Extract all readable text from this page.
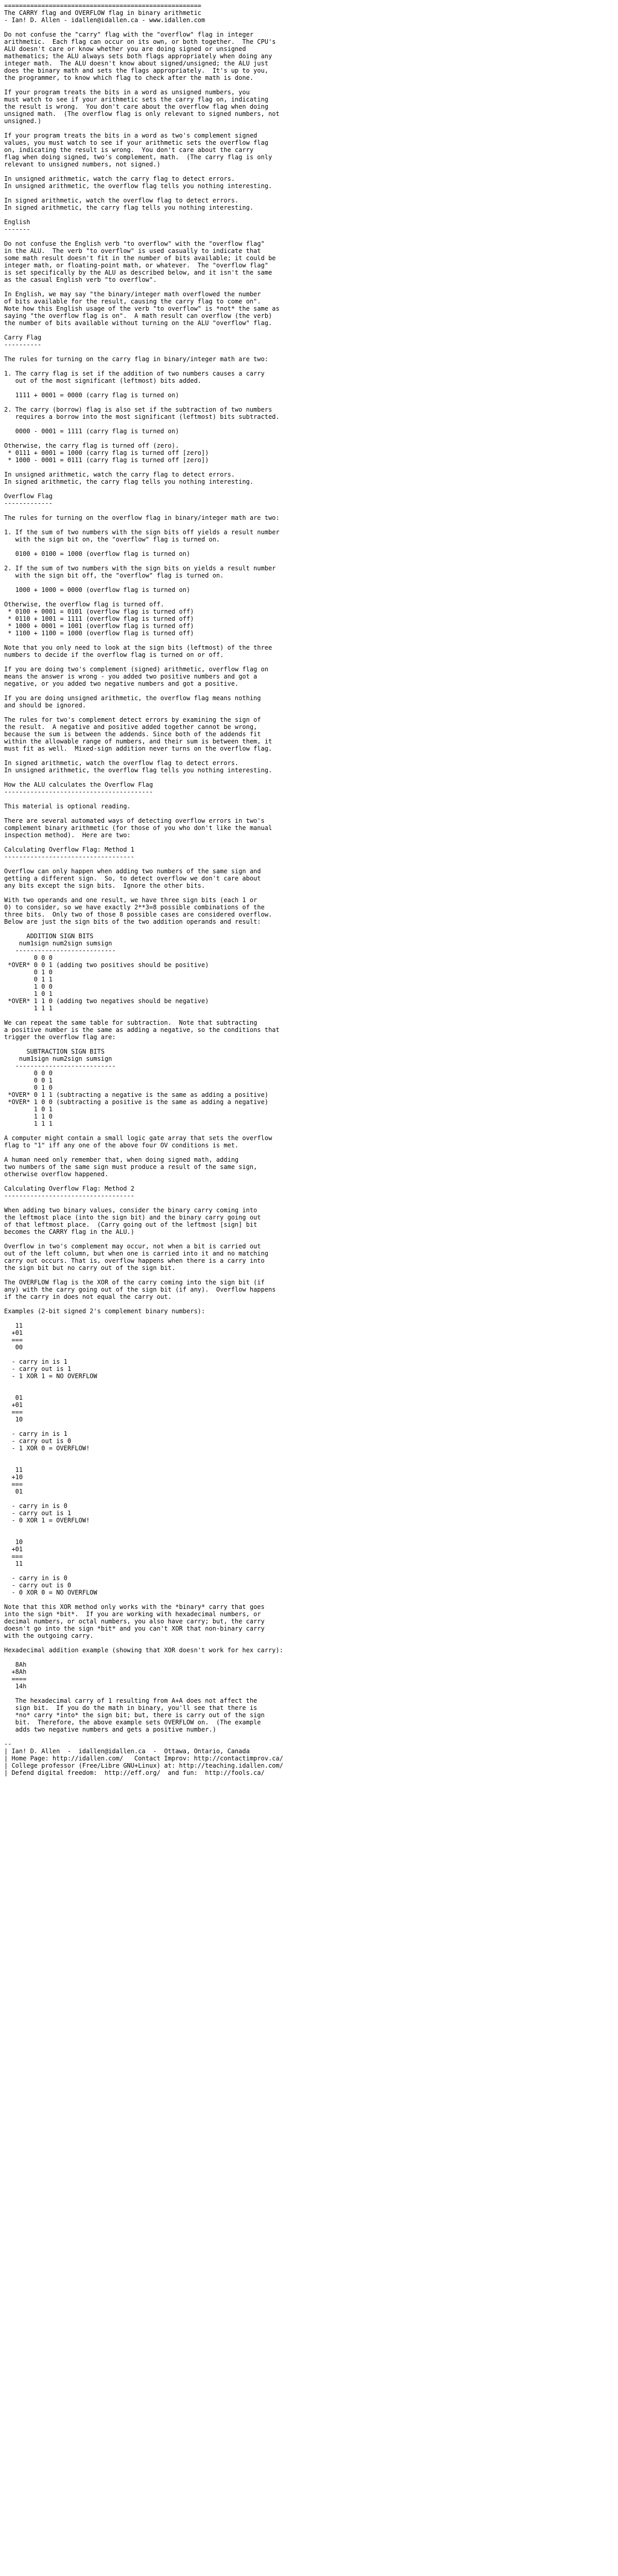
=====================================================
The CARRY flag and OVERFLOW flag in binary arithmetic
- Ian! D. Allen - idallen@idallen.ca - www.idallen.com

Do not confuse the "carry" flag with the "overflow" flag in integer
arithmetic.  Each flag can occur on its own, or both together.  The CPU's
ALU doesn't care or know whether you are doing signed or unsigned
mathematics; the ALU always sets both flags appropriately when doing any
integer math.  The ALU doesn't know about signed/unsigned; the ALU just
does the binary math and sets the flags appropriately.  It's up to you,
the programmer, to know which flag to check after the math is done.

If your program treats the bits in a word as unsigned numbers, you
must watch to see if your arithmetic sets the carry flag on, indicating
the result is wrong.  You don't care about the overflow flag when doing
unsigned math.  (The overflow flag is only relevant to signed numbers, not
unsigned.)

If your program treats the bits in a word as two's complement signed
values, you must watch to see if your arithmetic sets the overflow flag
on, indicating the result is wrong.  You don't care about the carry
flag when doing signed, two's complement, math.  (The carry flag is only
relevant to unsigned numbers, not signed.)

In unsigned arithmetic, watch the carry flag to detect errors.
In unsigned arithmetic, the overflow flag tells you nothing interesting.

In signed arithmetic, watch the overflow flag to detect errors.
In signed arithmetic, the carry flag tells you nothing interesting.

English
-------

Do not confuse the English verb "to overflow" with the "overflow flag"
in the ALU.  The verb "to overflow" is used casually to indicate that
some math result doesn't fit in the number of bits available; it could be
integer math, or floating-point math, or whatever.  The "overflow flag"
is set specifically by the ALU as described below, and it isn't the same
as the casual English verb "to overflow".

In English, we may say "the binary/integer math overflowed the number
of bits available for the result, causing the carry flag to come on".
Note how this English usage of the verb "to overflow" is *not* the same as
saying "the overflow flag is on".  A math result can overflow (the verb)
the number of bits available without turning on the ALU "overflow" flag.

Carry Flag
----------

The rules for turning on the carry flag in binary/integer math are two:

1. The carry flag is set if the addition of two numbers causes a carry
out of the most significant (leftmost) bits added.

1111 + 0001 = 0000 (carry flag is turned on)

2. The carry (borrow) flag is also set if the subtraction of two numbers
requires a borrow into the most significant (leftmost) bits subtracted.

0000 - 0001 = 1111 (carry flag is turned on)

Otherwise, the carry flag is turned off (zero).
* 0111 + 0001 = 1000 (carry flag is turned off [zero])
* 1000 - 0001 = 0111 (carry flag is turned off [zero])

In unsigned arithmetic, watch the carry flag to detect errors.
In signed arithmetic, the carry flag tells you nothing interesting.

Overflow Flag
-------------

The rules for turning on the overflow flag in binary/integer math are two:

1. If the sum of two numbers with the sign bits off yields a result number
with the sign bit on, the "overflow" flag is turned on.

0100 + 0100 = 1000 (overflow flag is turned on)

2. If the sum of two numbers with the sign bits on yields a result number
with the sign bit off, the "overflow" flag is turned on.

1000 + 1000 = 0000 (overflow flag is turned on)

Otherwise, the overflow flag is turned off.
* 0100 + 0001 = 0101 (overflow flag is turned off)
* 0110 + 1001 = 1111 (overflow flag is turned off)
* 1000 + 0001 = 1001 (overflow flag is turned off)
* 1100 + 1100 = 1000 (overflow flag is turned off)

Note that you only need to look at the sign bits (leftmost) of the three
numbers to decide if the overflow flag is turned on or off.

If you are doing two's complement (signed) arithmetic, overflow flag on
means the answer is wrong - you added two positive numbers and got a
negative, or you added two negative numbers and got a positive.

If you are doing unsigned arithmetic, the overflow flag means nothing
and should be ignored.

The rules for two's complement detect errors by examining the sign of
the result.  A negative and positive added together cannot be wrong,
because the sum is between the addends. Since both of the addends fit
within the allowable range of numbers, and their sum is between them, it
must fit as well.  Mixed-sign addition never turns on the overflow flag.

In signed arithmetic, watch the overflow flag to detect errors.
In unsigned arithmetic, the overflow flag tells you nothing interesting.

How the ALU calculates the Overflow Flag
----------------------------------------

This material is optional reading.

There are several automated ways of detecting overflow errors in two's
complement binary arithmetic (for those of you who don't like the manual
inspection method).  Here are two:

Calculating Overflow Flag: Method 1
-----------------------------------

Overflow can only happen when adding two numbers of the same sign and
getting a different sign.  So, to detect overflow we don't care about
any bits except the sign bits.  Ignore the other bits.

With two operands and one result, we have three sign bits (each 1 or
0) to consider, so we have exactly 2**3=8 possible combinations of the
three bits.  Only two of those 8 possible cases are considered overflow.
Below are just the sign bits of the two addition operands and result:

ADDITION SIGN BITS
num1sign num2sign sumsign
---------------------------
0 0 0
*OVER* 0 0 1 (adding two positives should be positive)
0 1 0
0 1 1
1 0 0
1 0 1
*OVER* 1 1 0 (adding two negatives should be negative)
1 1 1

We can repeat the same table for subtraction.  Note that subtracting
a positive number is the same as adding a negative, so the conditions that
trigger the overflow flag are:

SUBTRACTION SIGN BITS
num1sign num2sign sumsign
---------------------------
0 0 0
0 0 1
0 1 0
*OVER* 0 1 1 (subtracting a negative is the same as adding a positive)
*OVER* 1 0 0 (subtracting a positive is the same as adding a negative)
1 0 1
1 1 0
1 1 1

A computer might contain a small logic gate array that sets the overflow
flag to "1" iff any one of the above four OV conditions is met.

A human need only remember that, when doing signed math, adding
two numbers of the same sign must produce a result of the same sign,
otherwise overflow happened.

Calculating Overflow Flag: Method 2
-----------------------------------

When adding two binary values, consider the binary carry coming into
the leftmost place (into the sign bit) and the binary carry going out
of that leftmost place.  (Carry going out of the leftmost [sign] bit
becomes the CARRY flag in the ALU.)

Overflow in two's complement may occur, not when a bit is carried out
out of the left column, but when one is carried into it and no matching
carry out occurs. That is, overflow happens when there is a carry into
the sign bit but no carry out of the sign bit.

The OVERFLOW flag is the XOR of the carry coming into the sign bit (if
any) with the carry going out of the sign bit (if any).  Overflow happens
if the carry in does not equal the carry out.

Examples (2-bit signed 2's complement binary numbers):

11
+01
===
00

- carry in is 1
- carry out is 1
- 1 XOR 1 = NO OVERFLOW

01
+01
===
10

- carry in is 1
- carry out is 0
- 1 XOR 0 = OVERFLOW!

11
+10
===
01

- carry in is 0
- carry out is 1
- 0 XOR 1 = OVERFLOW!

10
+01
===
11

- carry in is 0
- carry out is 0
- 0 XOR 0 = NO OVERFLOW

Note that this XOR method only works with the *binary* carry that goes
into the sign *bit*.  If you are working with hexadecimal numbers, or
decimal numbers, or octal numbers, you also have carry; but, the carry
doesn't go into the sign *bit* and you can't XOR that non-binary carry
with the outgoing carry.

Hexadecimal addition example (showing that XOR doesn't work for hex carry):

8Ah
+8Ah
====
14h

The hexadecimal carry of 1 resulting from A+A does not affect the
sign bit.  If you do the math in binary, you'll see that there is
*no* carry *into* the sign bit; but, there is carry out of the sign
bit.  Therefore, the above example sets OVERFLOW on.  (The example
adds two negative numbers and gets a positive number.)

--
| Ian! D. Allen  -  idallen@idallen.ca  -  Ottawa, Ontario, Canada
| Home Page: http://idallen.com/   Contact Improv: http://contactimprov.ca/
| College professor (Free/Libre GNU+Linux) at: http://teaching.idallen.com/
| Defend digital freedom:  http://eff.org/  and fun:  http://fools.ca/
